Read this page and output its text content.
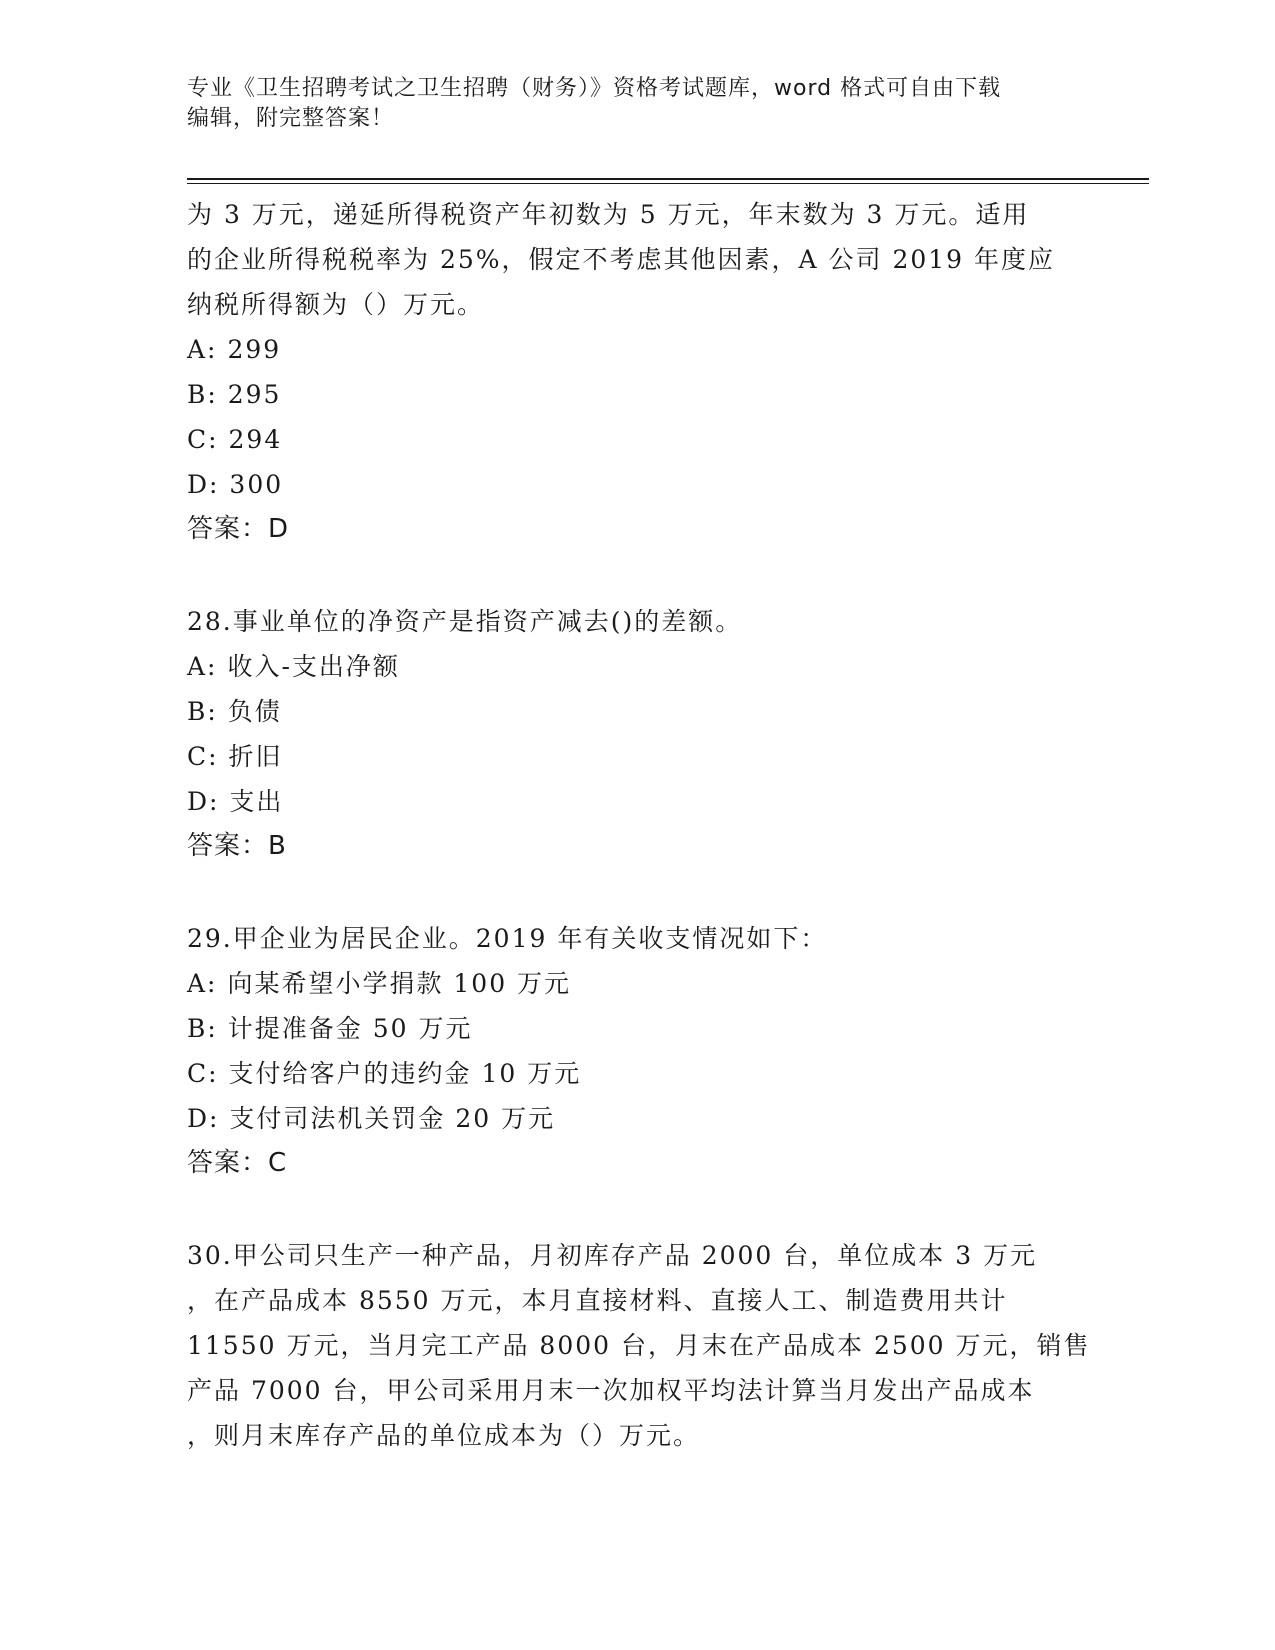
专业《卫生招聘考试之卫生招聘（财务）》资格考试题库，word 格式可自由下载
编辑，附完整答案！
为 3 万元，递延所得税资产年初数为 5 万元，年末数为 3 万元。适用
的企业所得税税率为 25%，假定不考虑其他因素，A 公司 2019 年度应
纳税所得额为（）万元。
A: 299
B: 295
C: 294
D: 300
答案：D
28.事业单位的净资产是指资产减去()的差额。
A: 收入-支出净额
B: 负债
C: 折旧
D: 支出
答案：B
29.甲企业为居民企业。2019 年有关收支情况如下：
A: 向某希望小学捐款 100 万元
B: 计提准备金 50 万元
C: 支付给客户的违约金 10 万元
D: 支付司法机关罚金 20 万元
答案：C
30.甲公司只生产一种产品，月初库存产品 2000 台，单位成本 3 万元
，在产品成本 8550 万元，本月直接材料、直接人工、制造费用共计
11550 万元，当月完工产品 8000 台，月末在产品成本 2500 万元，销售
产品 7000 台，甲公司采用月末一次加权平均法计算当月发出产品成本
，则月末库存产品的单位成本为（）万元。
